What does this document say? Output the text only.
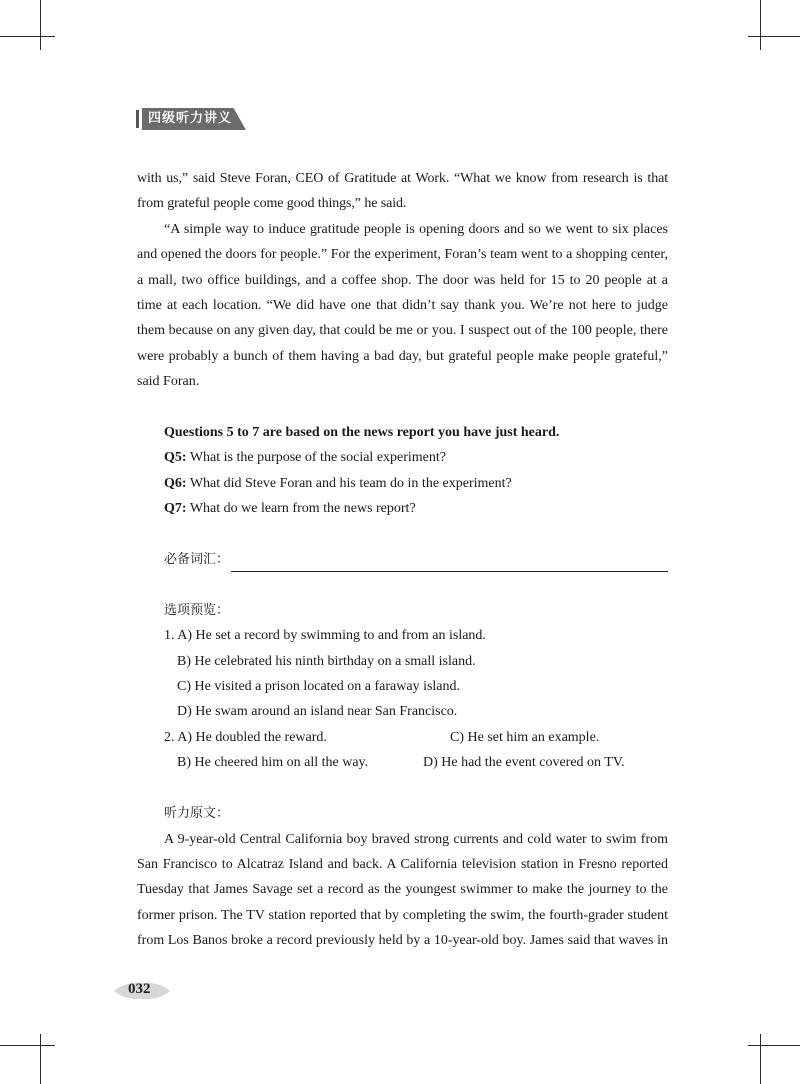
四级听力讲义

with us,” said Steve Foran, CEO of Gratitude at Work. “What we know from research is that from grateful people come good things,” he said.

“A simple way to induce gratitude people is opening doors and so we went to six places and opened the doors for people.” For the experiment, Foran’s team went to a shopping center, a mall, two office buildings, and a coffee shop. The door was held for 15 to 20 people at a time at each location. “We did have one that didn’t say thank you. We’re not here to judge them because on any given day, that could be me or you. I suspect out of the 100 people, there were probably a bunch of them having a bad day, but grateful people make people grateful,” said Foran.

Questions 5 to 7 are based on the news report you have just heard.

Q5: What is the purpose of the social experiment?

Q6: What did Steve Foran and his team do in the experiment?

Q7: What do we learn from the news report?

必备词汇：

选项预览：

1. A) He set a record by swimming to and from an island.

B) He celebrated his ninth birthday on a small island.

C) He visited a prison located on a faraway island.

D) He swam around an island near San Francisco.

2. A) He doubled the reward.	C) He set him an example.
B) He cheered him on all the way.	D) He had the event covered on TV.

听力原文：

A 9-year-old Central California boy braved strong currents and cold water to swim from San Francisco to Alcatraz Island and back. A California television station in Fresno reported Tuesday that James Savage set a record as the youngest swimmer to make the journey to the former prison. The TV station reported that by completing the swim, the fourth-grader student from Los Banos broke a record previously held by a 10-year-old boy. James said that waves in

032
